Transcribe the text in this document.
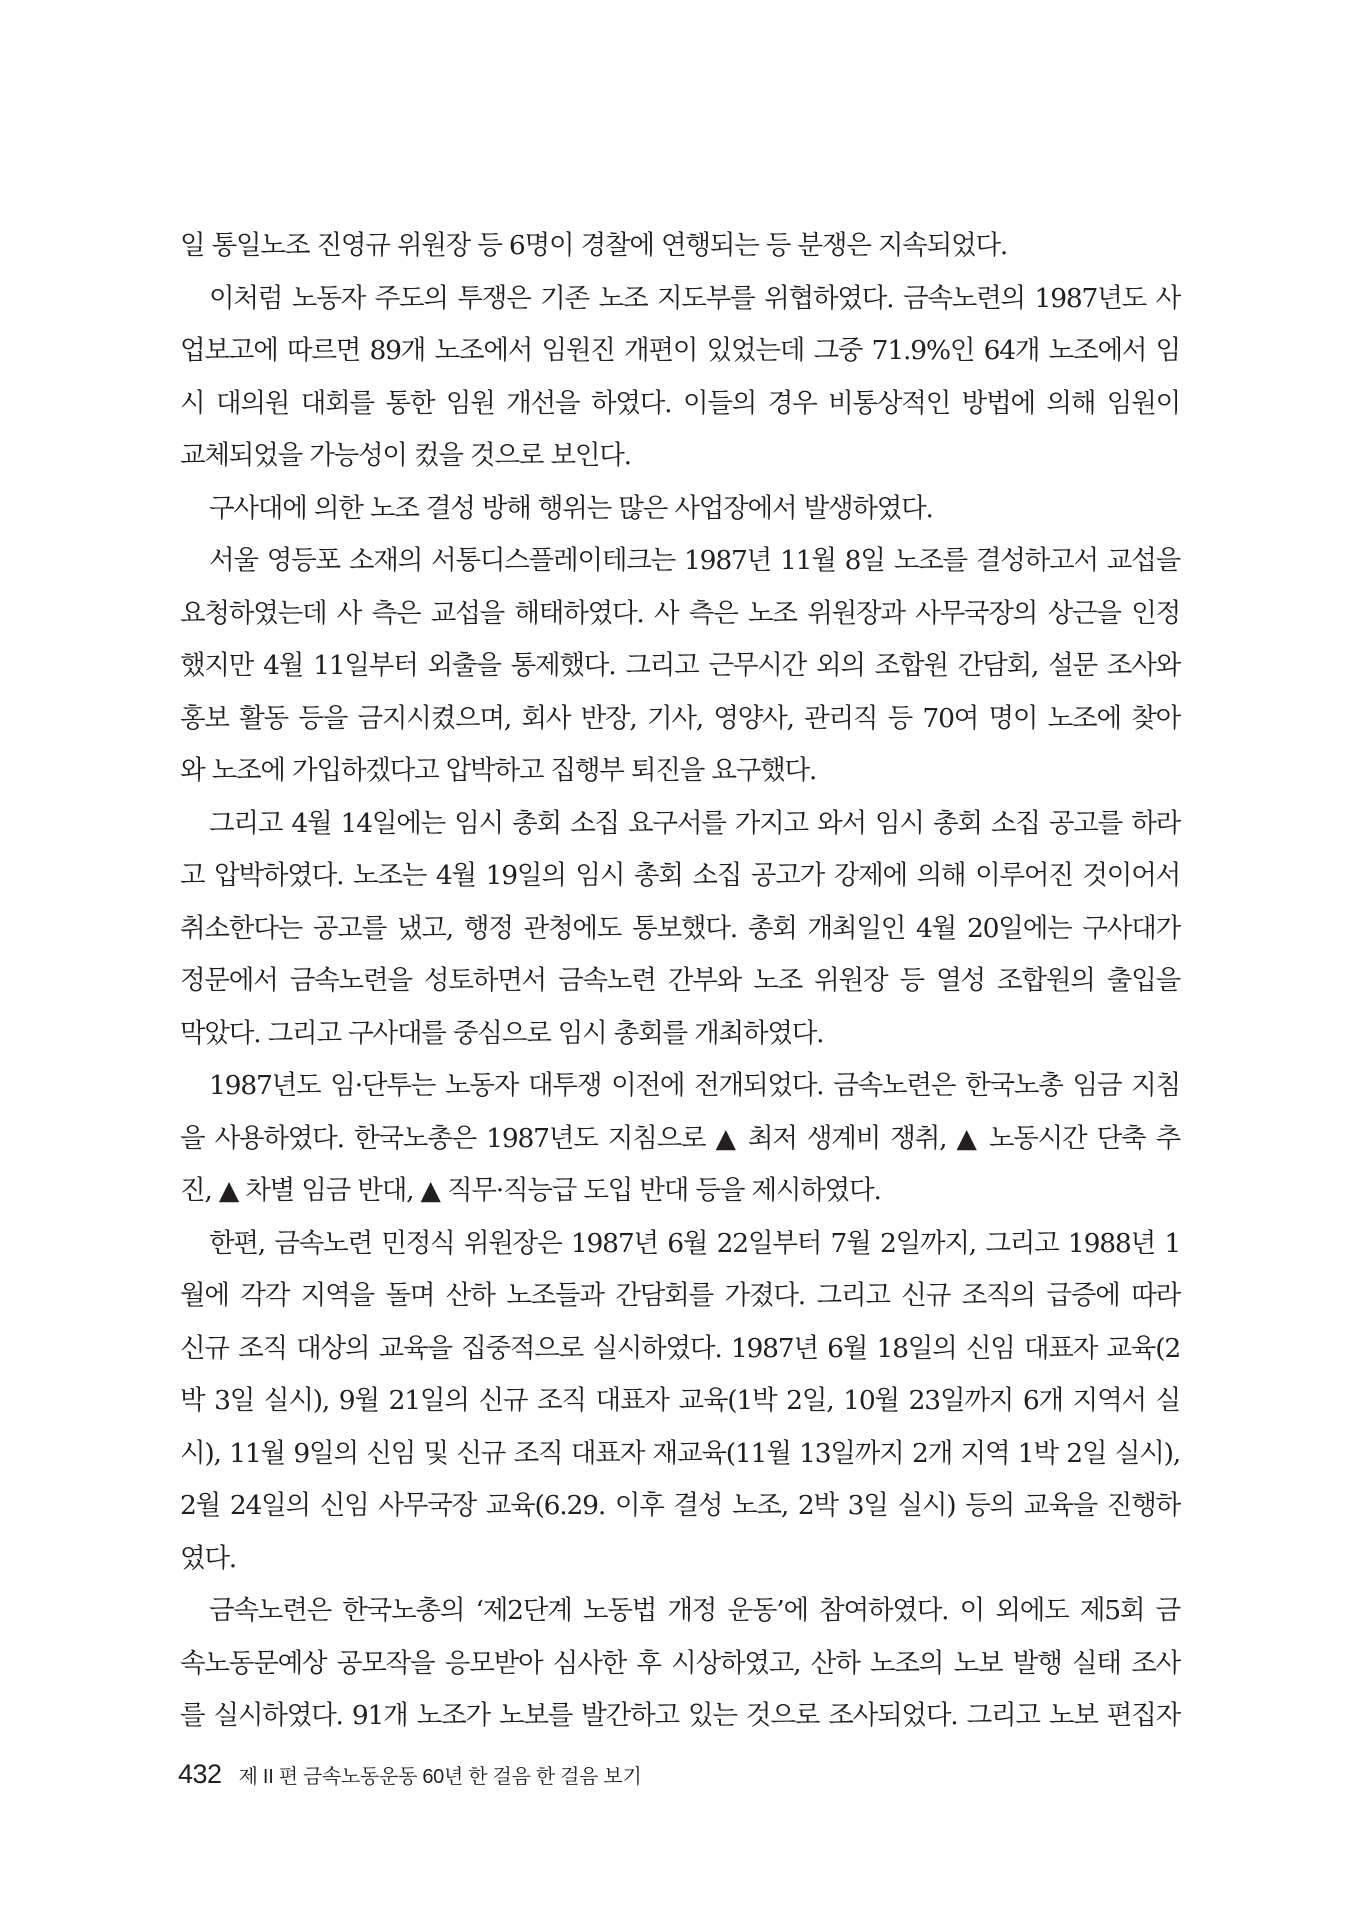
일 통일노조 진영규 위원장 등 6명이 경찰에 연행되는 등 분쟁은 지속되었다.
이처럼 노동자 주도의 투쟁은 기존 노조 지도부를 위협하였다. 금속노련의 1987년도 사
업보고에 따르면 89개 노조에서 임원진 개편이 있었는데 그중 71.9%인 64개 노조에서 임
시 대의원 대회를 통한 임원 개선을 하였다. 이들의 경우 비통상적인 방법에 의해 임원이
교체되었을 가능성이 컸을 것으로 보인다.
구사대에 의한 노조 결성 방해 행위는 많은 사업장에서 발생하였다.
서울 영등포 소재의 서통디스플레이테크는 1987년 11월 8일 노조를 결성하고서 교섭을
요청하였는데 사 측은 교섭을 해태하였다. 사 측은 노조 위원장과 사무국장의 상근을 인정
했지만 4월 11일부터 외출을 통제했다. 그리고 근무시간 외의 조합원 간담회, 설문 조사와
홍보 활동 등을 금지시켰으며, 회사 반장, 기사, 영양사, 관리직 등 70여 명이 노조에 찾아
와 노조에 가입하겠다고 압박하고 집행부 퇴진을 요구했다.
그리고 4월 14일에는 임시 총회 소집 요구서를 가지고 와서 임시 총회 소집 공고를 하라
고 압박하였다. 노조는 4월 19일의 임시 총회 소집 공고가 강제에 의해 이루어진 것이어서
취소한다는 공고를 냈고, 행정 관청에도 통보했다. 총회 개최일인 4월 20일에는 구사대가
정문에서 금속노련을 성토하면서 금속노련 간부와 노조 위원장 등 열성 조합원의 출입을
막았다. 그리고 구사대를 중심으로 임시 총회를 개최하였다.
1987년도 임·단투는 노동자 대투쟁 이전에 전개되었다. 금속노련은 한국노총 임금 지침
을 사용하였다. 한국노총은 1987년도 지침으로 ▲ 최저 생계비 쟁취, ▲ 노동시간 단축 추
진, ▲ 차별 임금 반대, ▲ 직무·직능급 도입 반대 등을 제시하였다.
한편, 금속노련 민정식 위원장은 1987년 6월 22일부터 7월 2일까지, 그리고 1988년 1
월에 각각 지역을 돌며 산하 노조들과 간담회를 가졌다. 그리고 신규 조직의 급증에 따라
신규 조직 대상의 교육을 집중적으로 실시하였다. 1987년 6월 18일의 신임 대표자 교육(2
박 3일 실시), 9월 21일의 신규 조직 대표자 교육(1박 2일, 10월 23일까지 6개 지역서 실
시), 11월 9일의 신임 및 신규 조직 대표자 재교육(11월 13일까지 2개 지역 1박 2일 실시),
2월 24일의 신임 사무국장 교육(6.29. 이후 결성 노조, 2박 3일 실시) 등의 교육을 진행하
였다.
금속노련은 한국노총의 ‘제2단계 노동법 개정 운동’에 참여하였다. 이 외에도 제5회 금
속노동문예상 공모작을 응모받아 심사한 후 시상하였고, 산하 노조의 노보 발행 실태 조사
를 실시하였다. 91개 노조가 노보를 발간하고 있는 것으로 조사되었다. 그리고 노보 편집자
432 제 II 편 금속노동운동 60년 한 걸음 한 걸음 보기
